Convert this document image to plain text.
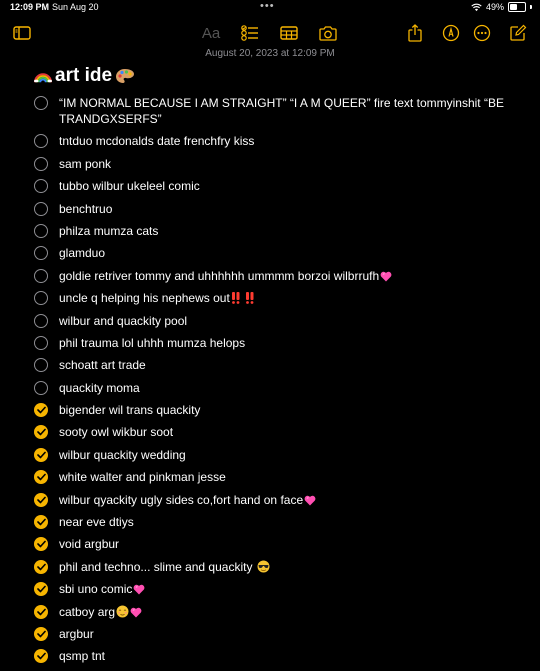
12:09 PM Sun Aug 20	•••	49%
Aa
August 20, 2023 at 12:09 PM
art ide
“IM NORMAL BECAUSE I AM STRAIGHT” “I A M QUEER” fire text tommyinshit “BE TRANDGXSERFS”
tntduo mcdonalds date frenchfry kiss
sam ponk
tubbo wilbur ukeleel comic
benchtruo
philza mumza cats
glamduo
goldie retriver tommy and uhhhhhh ummmm borzoi wilbrrufh
uncle q helping his nephews out
wilbur and quackity pool
phil trauma lol uhhh mumza helops
schoatt art trade
quackity moma
bigender wil trans quackity
sooty owl wikbur soot
wilbur quackity wedding
white walter and pinkman jesse
wilbur qyackity ugly sides co,fort hand on face
near eve dtiys
void argbur
phil and techno... slime and quackity
sbi uno comic
catboy arg
argbur
qsmp tnt
